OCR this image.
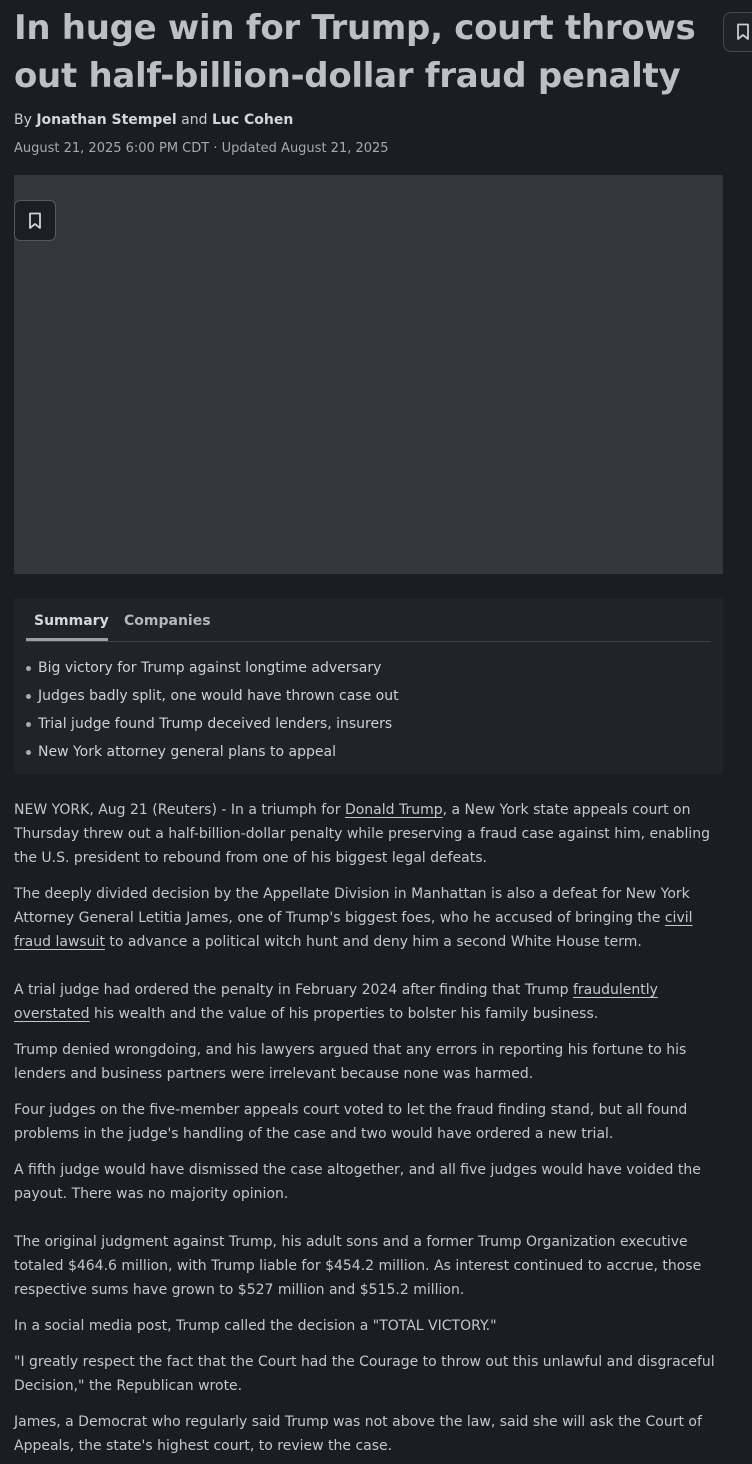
In huge win for Trump, court throws out half-billion-dollar fraud penalty
By Jonathan Stempel and Luc Cohen
August 21, 2025 6:00 PM CDT · Updated August 21, 2025
Summary Companies
Big victory for Trump against longtime adversary
Judges badly split, one would have thrown case out
Trial judge found Trump deceived lenders, insurers
New York attorney general plans to appeal

NEW YORK, Aug 21 (Reuters) - In a triumph for Donald Trump, a New York state appeals court on Thursday threw out a half-billion-dollar penalty while preserving a fraud case against him, enabling the U.S. president to rebound from one of his biggest legal defeats.

The deeply divided decision by the Appellate Division in Manhattan is also a defeat for New York Attorney General Letitia James, one of Trump's biggest foes, who he accused of bringing the civil fraud lawsuit to advance a political witch hunt and deny him a second White House term.

A trial judge had ordered the penalty in February 2024 after finding that Trump fraudulently overstated his wealth and the value of his properties to bolster his family business.

Trump denied wrongdoing, and his lawyers argued that any errors in reporting his fortune to his lenders and business partners were irrelevant because none was harmed.

Four judges on the five-member appeals court voted to let the fraud finding stand, but all found problems in the judge's handling of the case and two would have ordered a new trial.

A fifth judge would have dismissed the case altogether, and all five judges would have voided the payout. There was no majority opinion.

The original judgment against Trump, his adult sons and a former Trump Organization executive totaled $464.6 million, with Trump liable for $454.2 million. As interest continued to accrue, those respective sums have grown to $527 million and $515.2 million.

In a social media post, Trump called the decision a "TOTAL VICTORY."

"I greatly respect the fact that the Court had the Courage to throw out this unlawful and disgraceful Decision," the Republican wrote.

James, a Democrat who regularly said Trump was not above the law, said she will ask the Court of Appeals, the state's highest court, to review the case.
